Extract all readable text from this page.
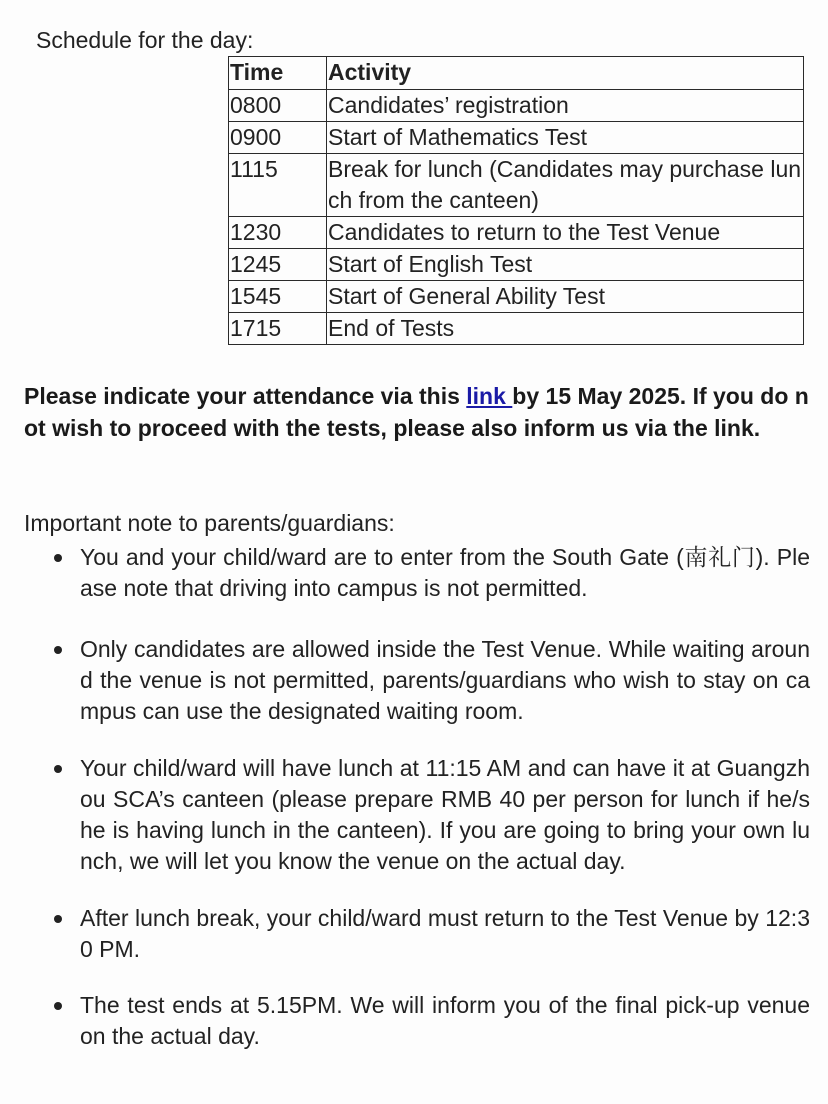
Schedule for the day:
Time	Activity
0800	Candidates’ registration
0900	Start of Mathematics Test
1115	Break for lunch (Candidates may purchase lunch from the canteen)
1230	Candidates to return to the Test Venue
1245	Start of English Test
1545	Start of General Ability Test
1715	End of Tests
Please indicate your attendance via this link by 15 May 2025. If you do not wish to proceed with the tests, please also inform us via the link.
Important note to parents/guardians:
You and your child/ward are to enter from the South Gate (南礼门). Please note that driving into campus is not permitted.
Only candidates are allowed inside the Test Venue. While waiting around the venue is not permitted, parents/guardians who wish to stay on campus can use the designated waiting room.
Your child/ward will have lunch at 11:15 AM and can have it at Guangzhou SCA’s canteen (please prepare RMB 40 per person for lunch if he/she is having lunch in the canteen). If you are going to bring your own lunch, we will let you know the venue on the actual day.
After lunch break, your child/ward must return to the Test Venue by 12:30 PM.
The test ends at 5.15PM. We will inform you of the final pick-up venue on the actual day.
